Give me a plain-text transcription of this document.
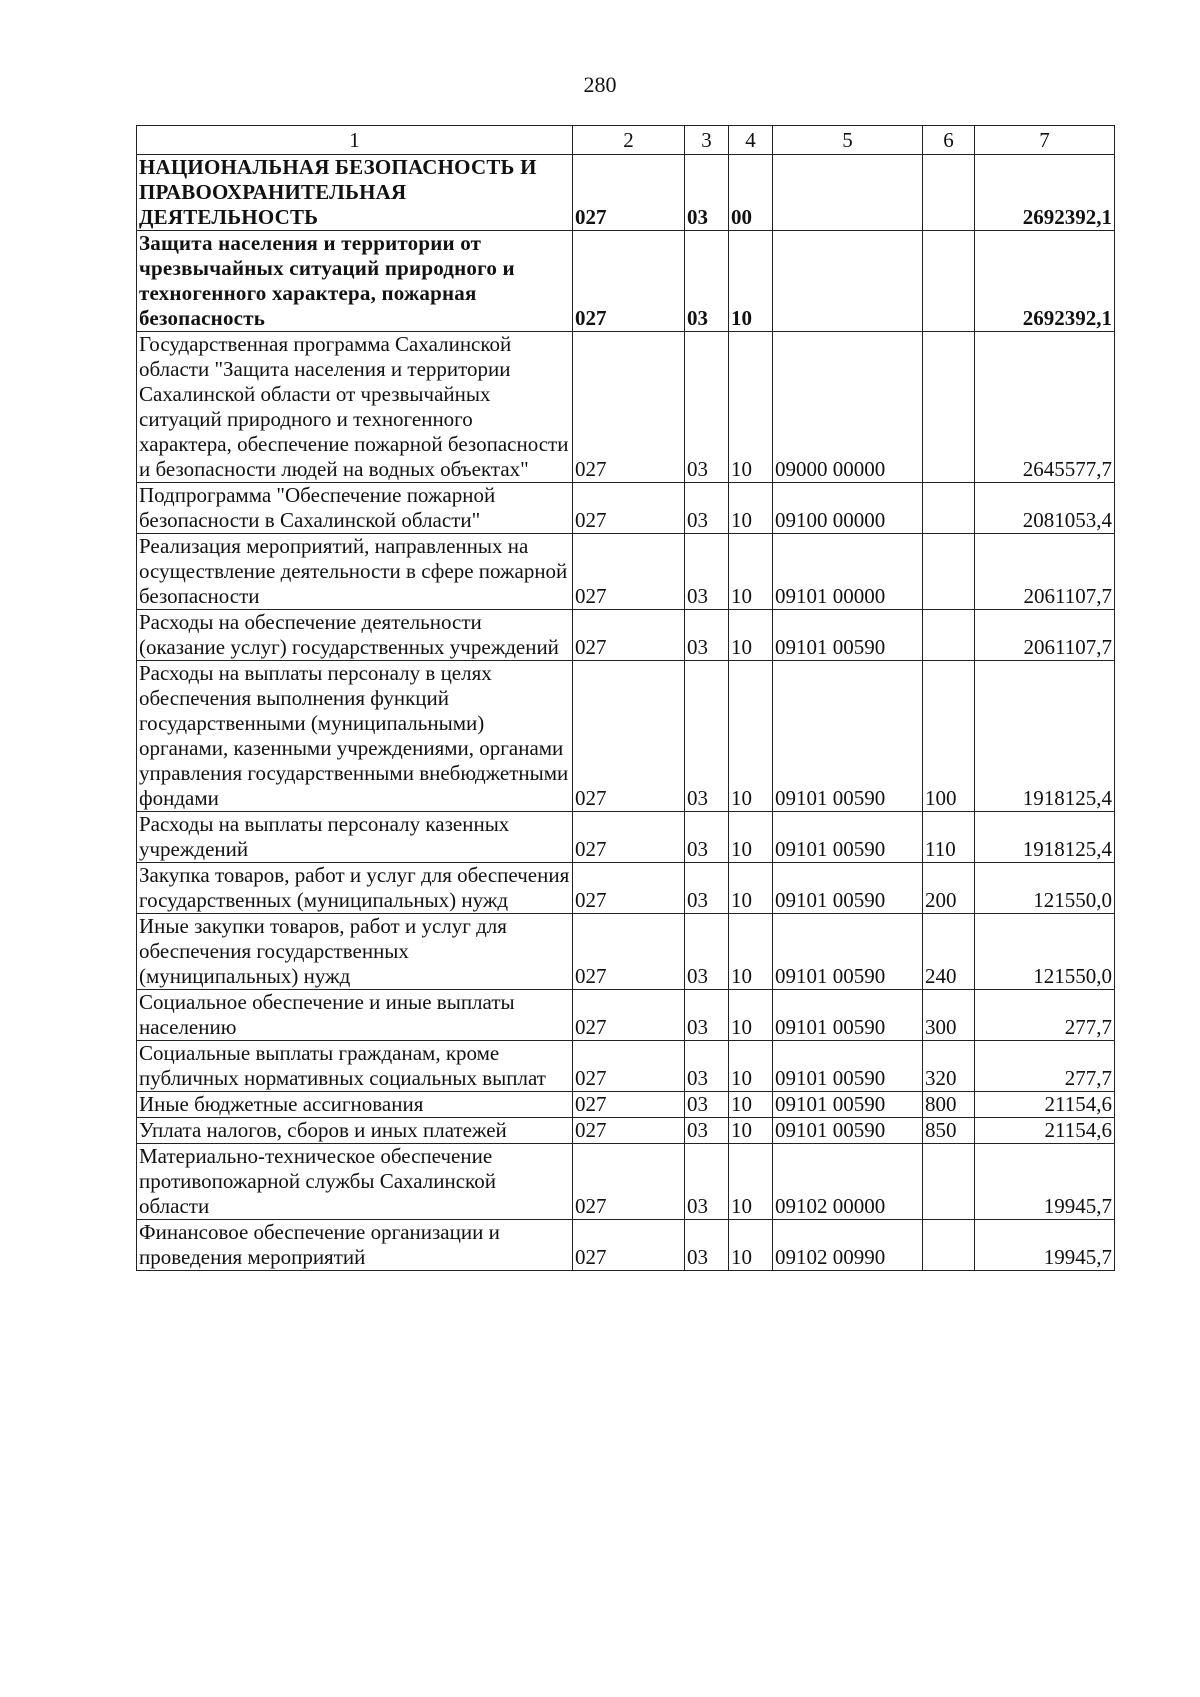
280
1	2	3	4	5	6	7
НАЦИОНАЛЬНАЯ БЕЗОПАСНОСТЬ И ПРАВООХРАНИТЕЛЬНАЯ ДЕЯТЕЛЬНОСТЬ	027	03	00			2692392,1
Защита населения и территории от чрезвычайных ситуаций природного и техногенного характера, пожарная безопасность	027	03	10			2692392,1
Государственная программа Сахалинской области "Защита населения и территории Сахалинской области от чрезвычайных ситуаций природного и техногенного характера, обеспечение пожарной безопасности и безопасности людей на водных объектах"	027	03	10	09000 00000		2645577,7
Подпрограмма "Обеспечение пожарной безопасности в Сахалинской области"	027	03	10	09100 00000		2081053,4
Реализация мероприятий, направленных на осуществление деятельности в сфере пожарной безопасности	027	03	10	09101 00000		2061107,7
Расходы на обеспечение деятельности (оказание услуг) государственных учреждений	027	03	10	09101 00590		2061107,7
Расходы на выплаты персоналу в целях обеспечения выполнения функций государственными (муниципальными) органами, казенными учреждениями, органами управления государственными внебюджетными фондами	027	03	10	09101 00590	100	1918125,4
Расходы на выплаты персоналу казенных учреждений	027	03	10	09101 00590	110	1918125,4
Закупка товаров, работ и услуг для обеспечения государственных (муниципальных) нужд	027	03	10	09101 00590	200	121550,0
Иные закупки товаров, работ и услуг для обеспечения государственных (муниципальных) нужд	027	03	10	09101 00590	240	121550,0
Социальное обеспечение и иные выплаты населению	027	03	10	09101 00590	300	277,7
Социальные выплаты гражданам, кроме публичных нормативных социальных выплат	027	03	10	09101 00590	320	277,7
Иные бюджетные ассигнования	027	03	10	09101 00590	800	21154,6
Уплата налогов, сборов и иных платежей	027	03	10	09101 00590	850	21154,6
Материально-техническое обеспечение противопожарной службы Сахалинской области	027	03	10	09102 00000		19945,7
Финансовое обеспечение организации и проведения мероприятий	027	03	10	09102 00990		19945,7
